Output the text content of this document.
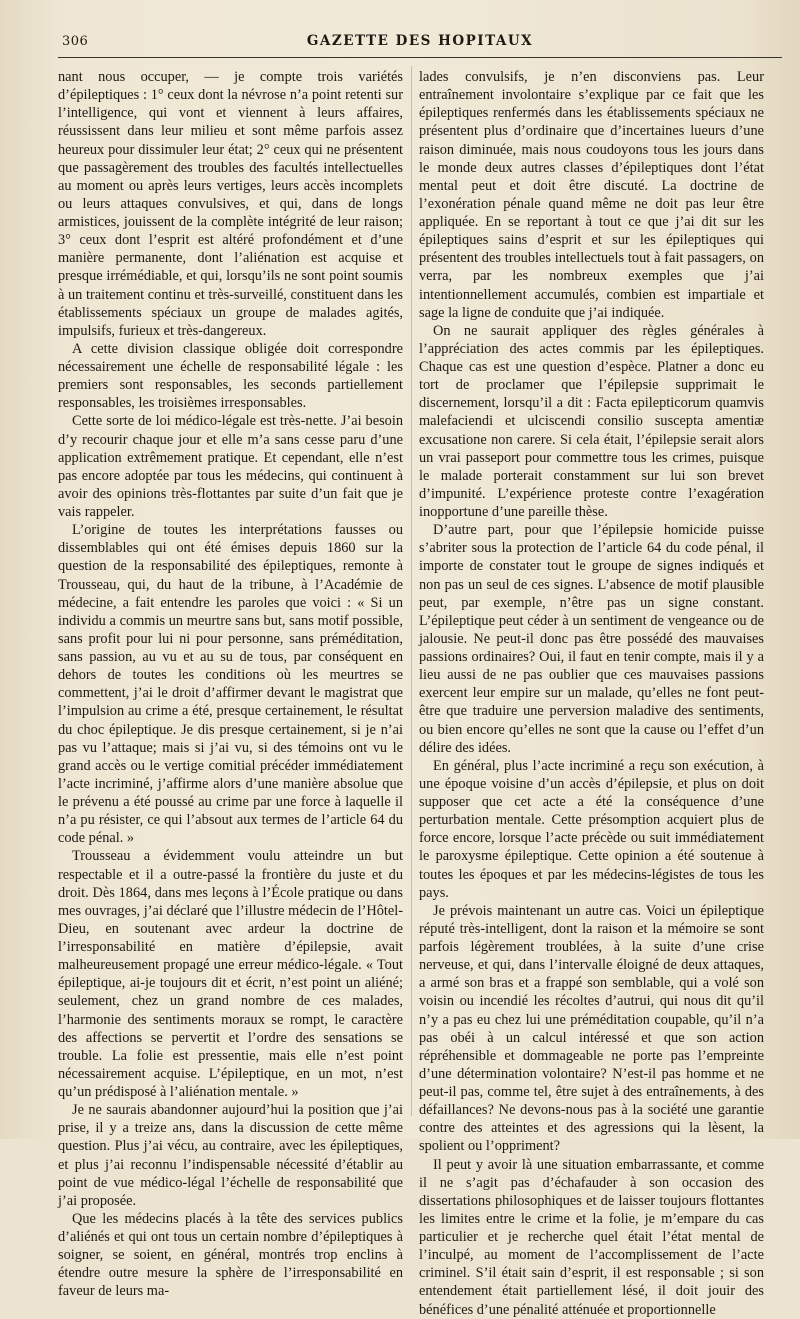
306	GAZETTE DES HOPITAUX

nant nous occuper, — je compte trois variétés d’épileptiques : 1° ceux dont la névrose n’a point retenti sur l’intelligence, qui vont et viennent à leurs affaires, réussissent dans leur milieu et sont même parfois assez heureux pour dissimuler leur état; 2° ceux qui ne présentent que passagèrement des troubles des facultés intellectuelles au moment ou après leurs vertiges, leurs accès incomplets ou leurs attaques convulsives, et qui, dans de longs armistices, jouissent de la complète intégrité de leur raison; 3° ceux dont l’esprit est altéré profondément et d’une manière permanente, dont l’aliénation est acquise et presque irrémédiable, et qui, lorsqu’ils ne sont point soumis à un traitement continu et très-surveillé, constituent dans les établissements spéciaux un groupe de malades agités, impulsifs, furieux et très-dangereux.

A cette division classique obligée doit correspondre nécessairement une échelle de responsabilité légale : les premiers sont responsables, les seconds partiellement responsables, les troisièmes irresponsables.

Cette sorte de loi médico-légale est très-nette. J’ai besoin d’y recourir chaque jour et elle m’a sans cesse paru d’une application extrêmement pratique. Et cependant, elle n’est pas encore adoptée par tous les médecins, qui continuent à avoir des opinions très-flottantes par suite d’un fait que je vais rappeler.

L’origine de toutes les interprétations fausses ou dissemblables qui ont été émises depuis 1860 sur la question de la responsabilité des épileptiques, remonte à Trousseau, qui, du haut de la tribune, à l’Académie de médecine, a fait entendre les paroles que voici : « Si un individu a commis un meurtre sans but, sans motif possible, sans profit pour lui ni pour personne, sans préméditation, sans passion, au vu et au su de tous, par conséquent en dehors de toutes les conditions où les meurtres se commettent, j’ai le droit d’affirmer devant le magistrat que l’impulsion au crime a été, presque certainement, le résultat du choc épileptique. Je dis presque certainement, si je n’ai pas vu l’attaque; mais si j’ai vu, si des témoins ont vu le grand accès ou le vertige comitial précéder immédiatement l’acte incriminé, j’affirme alors d’une manière absolue que le prévenu a été poussé au crime par une force à laquelle il n’a pu résister, ce qui l’absout aux termes de l’article 64 du code pénal. »

Trousseau a évidemment voulu atteindre un but respectable et il a outre-passé la frontière du juste et du droit. Dès 1864, dans mes leçons à l’École pratique ou dans mes ouvrages, j’ai déclaré que l’illustre médecin de l’Hôtel-Dieu, en soutenant avec ardeur la doctrine de l’irresponsabilité en matière d’épilepsie, avait malheureusement propagé une erreur médico-légale. « Tout épileptique, ai-je toujours dit et écrit, n’est point un aliéné; seulement, chez un grand nombre de ces malades, l’harmonie des sentiments moraux se rompt, le caractère des affections se pervertit et l’ordre des sensations se trouble. La folie est pressentie, mais elle n’est point nécessairement acquise. L’épileptique, en un mot, n’est qu’un prédisposé à l’aliénation mentale. »

Je ne saurais abandonner aujourd’hui la position que j’ai prise, il y a treize ans, dans la discussion de cette même question. Plus j’ai vécu, au contraire, avec les épileptiques, et plus j’ai reconnu l’indispensable nécessité d’établir au point de vue médico-légal l’échelle de responsabilité que j’ai proposée.

Que les médecins placés à la tête des services publics d’aliénés et qui ont tous un certain nombre d’épileptiques à soigner, se soient, en général, montrés trop enclins à étendre outre mesure la sphère de l’irresponsabilité en faveur de leurs ma-

lades convulsifs, je n’en disconviens pas. Leur entraînement involontaire s’explique par ce fait que les épileptiques renfermés dans les établissements spéciaux ne présentent plus d’ordinaire que d’incertaines lueurs d’une raison diminuée, mais nous coudoyons tous les jours dans le monde deux autres classes d’épileptiques dont l’état mental peut et doit être discuté. La doctrine de l’exonération pénale quand même ne doit pas leur être appliquée. En se reportant à tout ce que j’ai dit sur les épileptiques sains d’esprit et sur les épileptiques qui présentent des troubles intellectuels tout à fait passagers, on verra, par les nombreux exemples que j’ai intentionnellement accumulés, combien est impartiale et sage la ligne de conduite que j’ai indiquée.

On ne saurait appliquer des règles générales à l’appréciation des actes commis par les épileptiques. Chaque cas est une question d’espèce. Platner a donc eu tort de proclamer que l’épilepsie supprimait le discernement, lorsqu’il a dit : Facta epilepticorum quamvis malefaciendi et ulciscendi consilio suscepta amentiæ excusatione non carere. Si cela était, l’épilepsie serait alors un vrai passeport pour commettre tous les crimes, puisque le malade porterait constamment sur lui son brevet d’impunité. L’expérience proteste contre l’exagération inopportune d’une pareille thèse.

D’autre part, pour que l’épilepsie homicide puisse s’abriter sous la protection de l’article 64 du code pénal, il importe de constater tout le groupe de signes indiqués et non pas un seul de ces signes. L’absence de motif plausible peut, par exemple, n’être pas un signe constant. L’épileptique peut céder à un sentiment de vengeance ou de jalousie. Ne peut-il donc pas être possédé des mauvaises passions ordinaires? Oui, il faut en tenir compte, mais il y a lieu aussi de ne pas oublier que ces mauvaises passions exercent leur empire sur un malade, qu’elles ne font peut-être que traduire une perversion maladive des sentiments, ou bien encore qu’elles ne sont que la cause ou l’effet d’un délire des idées.

En général, plus l’acte incriminé a reçu son exécution, à une époque voisine d’un accès d’épilepsie, et plus on doit supposer que cet acte a été la conséquence d’une perturbation mentale. Cette présomption acquiert plus de force encore, lorsque l’acte précède ou suit immédiatement le paroxysme épileptique. Cette opinion a été soutenue à toutes les époques et par les médecins-légistes de tous les pays.

Je prévois maintenant un autre cas. Voici un épileptique réputé très-intelligent, dont la raison et la mémoire se sont parfois légèrement troublées, à la suite d’une crise nerveuse, et qui, dans l’intervalle éloigné de deux attaques, a armé son bras et a frappé son semblable, qui a volé son voisin ou incendié les récoltes d’autrui, qui nous dit qu’il n’y a pas eu chez lui une préméditation coupable, qu’il n’a pas obéi à un calcul intéressé et que son action répréhensible et dommageable ne porte pas l’empreinte d’une détermination volontaire? N’est-il pas homme et ne peut-il pas, comme tel, être sujet à des entraînements, à des défaillances? Ne devons-nous pas à la société une garantie contre des atteintes et des agressions qui la lèsent, la spolient ou l’oppriment?

Il peut y avoir là une situation embarrassante, et comme il ne s’agit pas d’échafauder à son occasion des dissertations philosophiques et de laisser toujours flottantes les limites entre le crime et la folie, je m’empare du cas particulier et je recherche quel était l’état mental de l’inculpé, au moment de l’accomplissement de l’acte criminel. S’il était sain d’esprit, il est responsable ; si son entendement était partiellement lésé, il doit jouir des bénéfices d’une pénalité atténuée et proportionnelle
